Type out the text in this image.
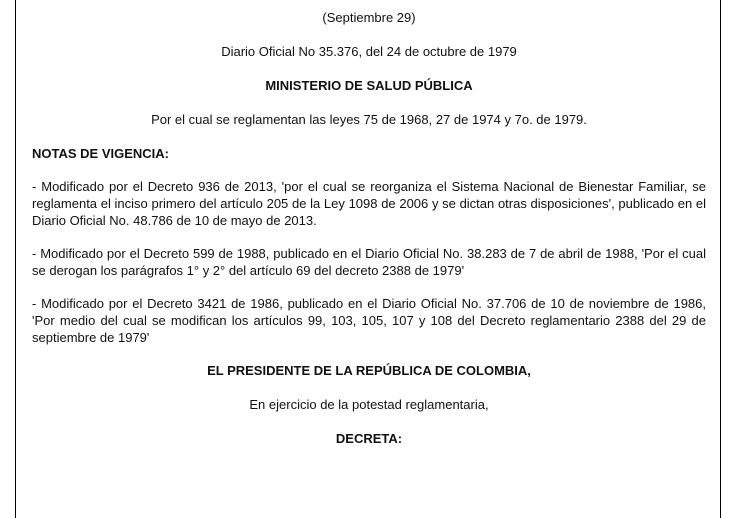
(Septiembre 29)

Diario Oficial No 35.376, del 24 de octubre de 1979

MINISTERIO DE SALUD PÚBLICA

Por el cual se reglamentan las leyes 75 de 1968, 27 de 1974 y 7o. de 1979.

NOTAS DE VIGENCIA:

- Modificado por el Decreto 936 de 2013, 'por el cual se reorganiza el Sistema Nacional de Bienestar Familiar, se reglamenta el inciso primero del artículo 205 de la Ley 1098 de 2006 y se dictan otras disposiciones', publicado en el Diario Oficial No. 48.786 de 10 de mayo de 2013.

- Modificado por el Decreto 599 de 1988, publicado en el Diario Oficial No. 38.283 de 7 de abril de 1988, 'Por el cual se derogan los parágrafos 1° y 2° del artículo 69 del decreto 2388 de 1979'

- Modificado por el Decreto 3421 de 1986, publicado en el Diario Oficial No. 37.706 de 10 de noviembre de 1986, 'Por medio del cual se modifican los artículos 99, 103, 105, 107 y 108 del Decreto reglamentario 2388 del 29 de septiembre de 1979'

EL PRESIDENTE DE LA REPÚBLICA DE COLOMBIA,

En ejercicio de la potestad reglamentaria,

DECRETA:
